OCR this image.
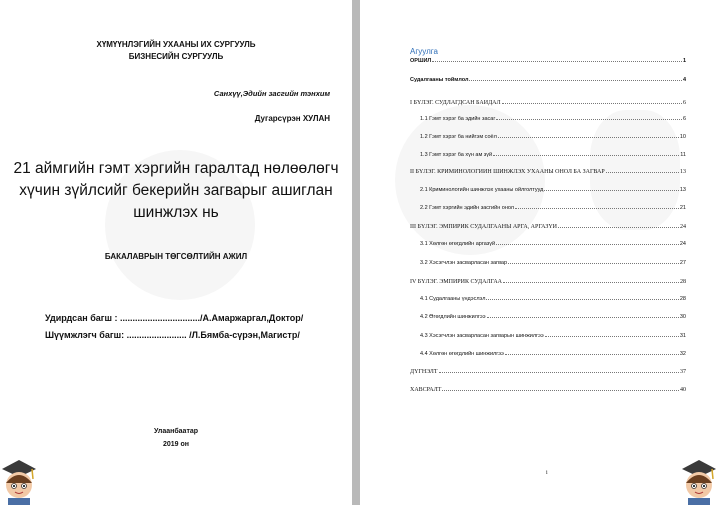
ХҮМҮҮНЛЭГИЙН УХААНЫ ИХ СУРГУУЛЬ
БИЗНЕСИЙН СУРГУУЛЬ
Санхүү,Эдийн засгийн тэнхим
Дугарсүрэн ХУЛАН
21 аймгийн гэмт хэргийн гаралтад нөлөөлөгч хүчин зүйлсийг бекерийн загварыг ашиглан шинжлэх нь
БАКАЛАВРЫН ТӨГСӨЛТИЙН АЖИЛ
Удирдсан багш : ................................/А.Амаржаргал,Доктор/
Шүүмжлэгч багш: ........................ /Л.Бямба-сүрэн,Магистр/
Улаанбаатар
2019 он
Агуулга
ОРШИЛ	1
Судалгааны тоймлол	4
I БҮЛЭГ. СУДЛАГДСАН БАЙДАЛ	6
1.1 Гэмт хэрэг ба эдийн засаг	6
1.2 Гэмт хэрэг ба нийгэм соёл	10
1.3 Гэмт хэрэг ба хүн ам зүй	11
II БҮЛЭГ. КРИМИНОЛОГИЙН ШИНЖЛЭХ УХААНЫ ОНОЛ БА ЗАГВАР	13
2.1 Криминологийн шинжлэх ухааны ойлголтууд	13
2.2 Гэмт хэргийн эдийн засгийн онол	21
III БҮЛЭГ. ЭМПИРИК СУДАЛГААНЫ АРГА, АРГАЗҮЙ	24
3.1 Хөлгөн өгөгдлийн аргазүй	24
3.2 Хэсэгчлэн засварласан загвар	27
IV БҮЛЭГ. ЭМПИРИК СУДАЛГАА	28
4.1 Судалгааны үндэслэл	28
4.2 Өгөгдлийн шинжилгээ	30
4.3 Хэсэгчлэн засварласан загварын шинжилгээ	31
4.4 Хөлгөн өгөгдлийн шинжилгээ	32
ДҮГНЭЛТ	37
ХАВСРАЛТ	40
i
